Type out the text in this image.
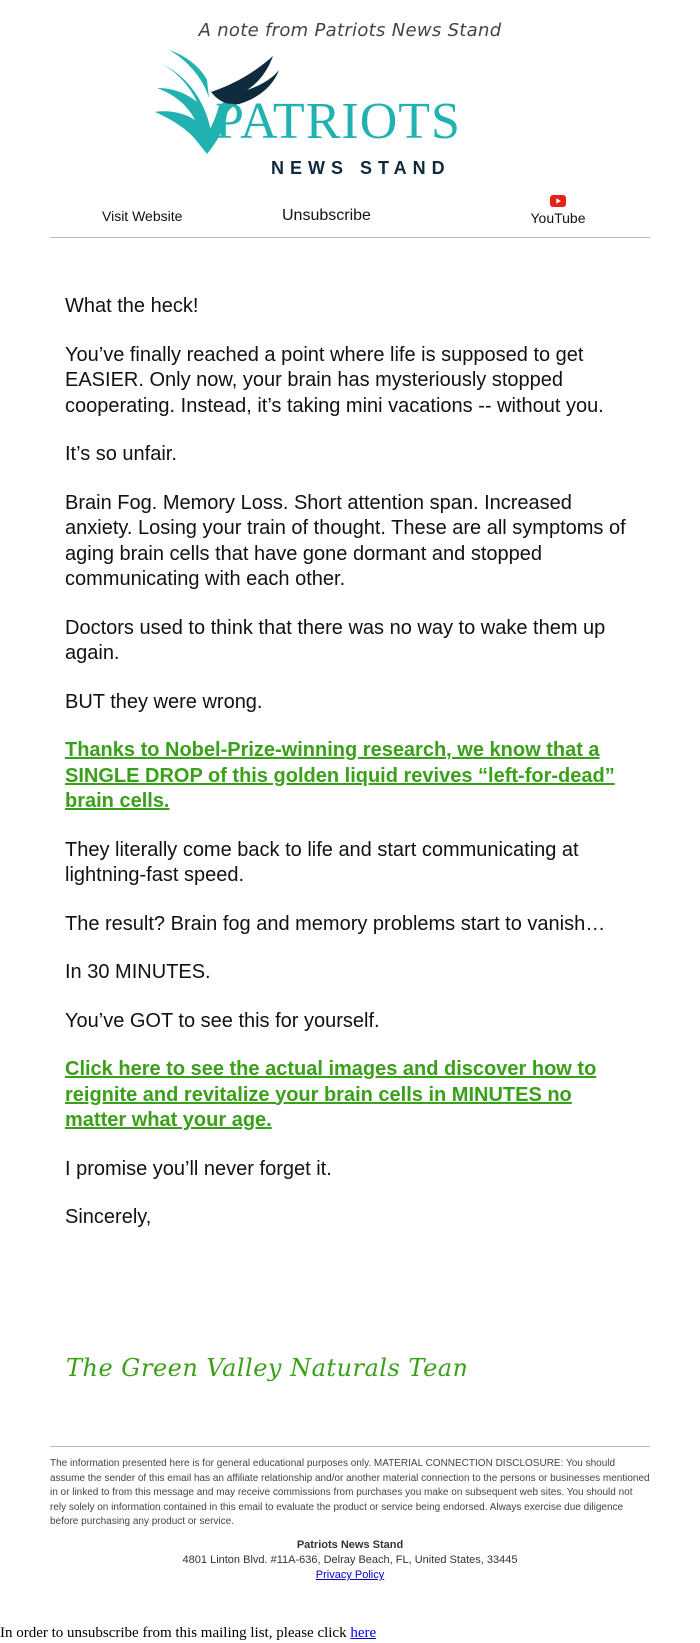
A note from Patriots News Stand
PATRIOTS
NEWS STAND
Visit Website	Unsubscribe	YouTube

What the heck!

You’ve finally reached a point where life is supposed to get EASIER. Only now, your brain has mysteriously stopped cooperating. Instead, it’s taking mini vacations -- without you.

It’s so unfair.

Brain Fog. Memory Loss. Short attention span. Increased anxiety. Losing your train of thought. These are all symptoms of aging brain cells that have gone dormant and stopped communicating with each other.

Doctors used to think that there was no way to wake them up again.

BUT they were wrong.

Thanks to Nobel-Prize-winning research, we know that a SINGLE DROP of this golden liquid revives “left-for-dead” brain cells.

They literally come back to life and start communicating at lightning-fast speed.

The result? Brain fog and memory problems start to vanish…

In 30 MINUTES.

You’ve GOT to see this for yourself.

Click here to see the actual images and discover how to reignite and revitalize your brain cells in MINUTES no matter what your age.

I promise you’ll never forget it.

Sincerely,

The Green Valley Naturals Team
The information presented here is for general educational purposes only. MATERIAL CONNECTION DISCLOSURE: You should assume the sender of this email has an affiliate relationship and/or another material connection to the persons or businesses mentioned in or linked to from this message and may receive commissions from purchases you make on subsequent web sites. You should not rely solely on information contained in this email to evaluate the product or service being endorsed. Always exercise due diligence before purchasing any product or service.
Patriots News Stand
4801 Linton Blvd. #11A-636, Delray Beach, FL, United States, 33445
Privacy Policy
In order to unsubscribe from this mailing list, please click here
